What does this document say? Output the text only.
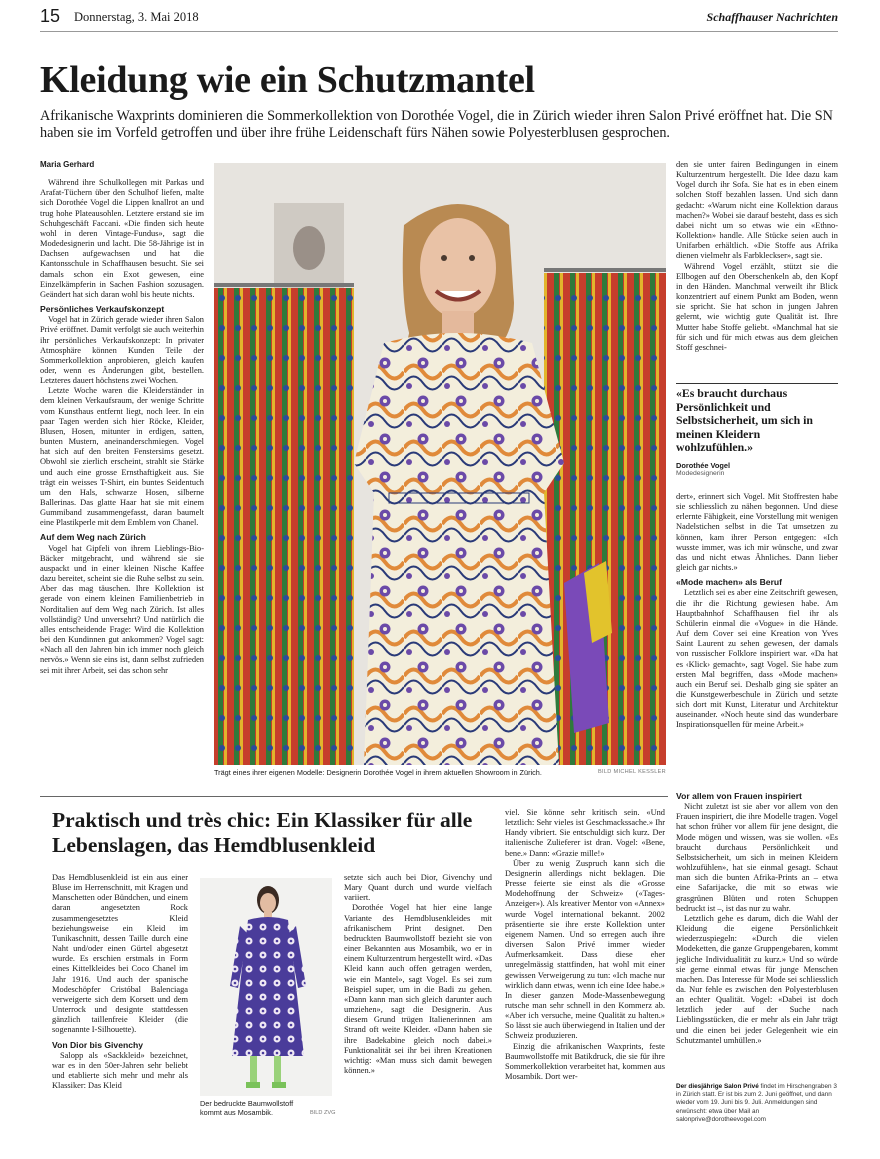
15 Donnerstag, 3. Mai 2018	Schaffhauser Nachrichten
Kleidung wie ein Schutzmantel
Afrikanische Waxprints dominieren die Sommerkollektion von Dorothée Vogel, die in Zürich wieder ihren Salon Privé eröffnet hat. Die SN haben sie im Vorfeld getroffen und über ihre frühe Leidenschaft fürs Nähen sowie Polyesterblusen gesprochen.
Maria Gerhard

Während ihre Schulkollegen mit Parkas und Arafat-Tüchern über den Schulhof liefen, malte sich Dorothée Vogel die Lippen knallrot an und trug hohe Plateausohlen. Letztere erstand sie im Schuhgeschäft Faccani. «Die finden sich heute wohl in deren Vintage-Fundus», sagt die Modedesignerin und lacht. Die 58-Jährige ist in Dachsen aufgewachsen und hat die Kantonsschule in Schaffhausen besucht. Sie sei damals schon ein Exot gewesen, eine Einzelkämpferin in Sachen Fashion sozusagen. Geändert hat sich daran wohl bis heute nichts.

Persönliches Verkaufskonzept

Vogel hat in Zürich gerade wieder ihren Salon Privé eröffnet. Damit verfolgt sie auch weiterhin ihr persönliches Verkaufskonzept: In privater Atmosphäre können Kunden Teile der Sommerkollektion anprobieren, gleich kaufen oder, wenn es Änderungen gibt, bestellen. Letzteres dauert höchstens zwei Wochen.

Letzte Woche waren die Kleiderständer in dem kleinen Verkaufsraum, der wenige Schritte vom Kunsthaus entfernt liegt, noch leer. In ein paar Tagen werden sich hier Röcke, Kleider, Blusen, Hosen, mitunter in erdigen, satten, bunten Mustern, aneinanderschmiegen. Vogel hat sich auf den breiten Fenstersims gesetzt. Obwohl sie zierlich erscheint, strahlt sie Stärke und auch eine grosse Ernsthaftigkeit aus. Sie trägt ein weisses T-Shirt, ein buntes Seidentuch um den Hals, schwarze Hosen, silberne Ballerinas. Das glatte Haar hat sie mit einem Gummiband zusammengefasst, daran baumelt eine Plastikperle mit dem Emblem von Chanel.

Auf dem Weg nach Zürich

Vogel hat Gipfeli von ihrem Lieblings-Bio-Bäcker mitgebracht, und während sie sie auspackt und in einer kleinen Nische Kaffee dazu bereitet, scheint sie die Ruhe selbst zu sein. Aber das mag täuschen. Ihre Kollektion ist gerade von einem kleinen Familienbetrieb in Norditalien auf dem Weg nach Zürich. Ist alles vollständig? Und unversehrt? Und natürlich die alles entscheidende Frage: Wird die Kollektion bei den Kundinnen gut ankommen? Vogel sagt: «Nach all den Jahren bin ich immer noch gleich nervös.» Wenn sie eins ist, dann selbst zufrieden sei mit ihrer Arbeit, sei das schon sehr

Trägt eines ihrer eigenen Modelle: Designerin Dorothée Vogel in ihrem aktuellen Showroom in Zürich.	BILD MICHEL KESSLER

den sie unter fairen Bedingungen in einem Kulturzentrum hergestellt. Die Idee dazu kam Vogel durch ihr Sofa. Sie hat es in eben einem solchen Stoff bezahlen lassen. Und sich dann gedacht: «Warum nicht eine Kollektion daraus machen?» Wobei sie darauf besteht, dass es sich dabei nicht um so etwas wie ein «Ethno-Kollektion» handle. Alle Stücke seien auch in Unifarben erhältlich. «Die Stoffe aus Afrika dienen vielmehr als Farbkleckser», sagt sie.

Während Vogel erzählt, stützt sie die Ellbogen auf den Oberschenkeln ab, den Kopf in den Händen. Manchmal verweilt ihr Blick konzentriert auf einem Punkt am Boden, wenn sie spricht. Sie hat schon in jungen Jahren gelernt, wie wichtig gute Qualität ist. Ihre Mutter habe Stoffe geliebt. «Manchmal hat sie für sich und für mich etwas aus dem gleichen Stoff geschnei-

«Es braucht durchaus Persönlichkeit und Selbstsicherheit, um sich in meinen Kleidern wohlzufühlen.»
Dorothée Vogel
Modedesignerin

dert», erinnert sich Vogel. Mit Stoffresten habe sie schliesslich zu nähen begonnen. Und diese erlernte Fähigkeit, eine Vorstellung mit wenigen Nadelstichen selbst in die Tat umsetzen zu können, kam ihrer Person entgegen: «Ich wusste immer, was ich mir wünsche, und zwar das und nicht etwas Ähnliches. Dann lieber gleich gar nichts.»

«Mode machen» als Beruf

Letztlich sei es aber eine Zeitschrift gewesen, die ihr die Richtung gewiesen habe. Am Hauptbahnhof Schaffhausen fiel ihr als Schülerin einmal die «Vogue» in die Hände. Auf dem Cover sei eine Kreation von Yves Saint Laurent zu sehen gewesen, der damals von russischer Folklore inspiriert war. «Da hat es ‹Klick› gemacht», sagt Vogel. Sie habe zum ersten Mal begriffen, dass «Mode machen» auch ein Beruf sei. Deshalb ging sie später an die Kunstgewerbeschule in Zürich und setzte sich dort mit Kunst, Literatur und Architektur auseinander. «Noch heute sind das wunderbare Inspirationsquellen für meine Arbeit.»

Vor allem von Frauen inspiriert

Nicht zuletzt ist sie aber vor allem von den Frauen inspiriert, die ihre Modelle tragen. Vogel hat schon früher vor allem für jene designt, die Mode mögen und wissen, was sie wollen. «Es braucht durchaus Persönlichkeit und Selbstsicherheit, um sich in meinen Kleidern wohlzufühlen», hat sie einmal gesagt. Schaut man sich die bunten Afrika-Prints an – etwa eine Safarijacke, die mit so etwas wie grasgrünen Blüten und roten Schuppen bedruckt ist –, ist das nur zu wahr.

Letztlich gehe es darum, dich die Wahl der Kleidung die eigene Persönlichkeit wiederzuspiegeln: «Durch die vielen Modeketten, die ganze Gruppengebaren, kommt jegliche Individualität zu kurz.» Und so würde sie gerne einmal etwas für junge Menschen machen. Das Interesse für Mode sei schliesslich da. Nur fehle es zwischen den Polyesterblusen an echter Qualität. Vogel: «Dabei ist doch letztlich jeder auf der Suche nach Lieblingsstücken, die er mehr als ein Jahr trägt und die einen bei jeder Gelegenheit wie ein Schutzmantel umhüllen.»

Der diesjährige Salon Privé findet im Hirschengraben 3 in Zürich statt. Er ist bis zum 2. Juni geöffnet, und dann wieder vom 19. Juni bis 9. Juli. Anmeldungen sind erwünscht: etwa über Mail an salonprive@dorotheevogel.com
Praktisch und très chic: Ein Klassiker für alle Lebenslagen, das Hemdblusenkleid

Das Hemdblusenkleid ist ein aus einer Bluse im Herrenschnitt, mit Kragen und Manschetten oder Bündchen, und einem daran angesetzten Rock zusammengesetztes Kleid beziehungsweise ein Kleid im Tunikaschnitt, dessen Taille durch eine Naht und/oder einen Gürtel abgesetzt wurde. Es erschien erstmals in Form eines Kittelkleides bei Coco Chanel im Jahr 1916. Und auch der spanische Modeschöpfer Cristóbal Balenciaga verweigerte sich dem Korsett und dem Unterrock und designte stattdessen gänzlich taillenfreie Kleider (die sogenannte I-Silhouette).

Von Dior bis Givenchy

Salopp als «Sackkleid» bezeichnet, war es in den 50er-Jahren sehr beliebt und etablierte sich mehr und mehr als Klassiker: Das Kleid

Der bedruckte Baumwollstoff kommt aus Mosambik.	BILD ZVG

setzte sich auch bei Dior, Givenchy und Mary Quant durch und wurde vielfach variiert.

Dorothée Vogel hat hier eine lange Variante des Hemdblusenkleides mit afrikanischem Print designet. Den bedruckten Baumwollstoff bezieht sie von einer Bekannten aus Mosambik, wo er in einem Kulturzentrum hergestellt wird. «Das Kleid kann auch offen getragen werden, wie ein Mantel», sagt Vogel. Es sei zum Beispiel super, um in die Badi zu gehen. «Dann kann man sich gleich darunter auch umziehen», sagt die Designerin. Aus diesem Grund trügen Italienerinnen am Strand oft weite Kleider. «Dann haben sie ihre Badekabine gleich noch dabei.» Funktionalität sei ihr bei ihren Kreationen wichtig: «Man muss sich damit bewegen können.»

viel. Sie könne sehr kritisch sein. «Und letztlich: Sehr vieles ist Geschmackssache.» Ihr Handy vibriert. Sie entschuldigt sich kurz. Der italienische Zulieferer ist dran. Vogel: «Bene, bene.» Dann: «Grazie mille!»

Über zu wenig Zuspruch kann sich die Designerin allerdings nicht beklagen. Die Presse feierte sie einst als die «Grosse Modehoffnung der Schweiz» («Tages-Anzeiger»). Als kreativer Mentor von «Annex» wurde Vogel international bekannt. 2002 präsentierte sie ihre erste Kollektion unter eigenem Namen. Und so erregen auch ihre diversen Salon Privé immer wieder Aufmerksamkeit. Dass diese eher unregelmässig stattfinden, hat wohl mit einer gewissen Verweigerung zu tun: «Ich mache nur wirklich dann etwas, wenn ich eine Idee habe.» In dieser ganzen Mode-Massenbewegung rutsche man sehr schnell in den Kommerz ab. «Aber ich versuche, meine Qualität zu halten.» So lässt sie auch überwiegend in Italien und der Schweiz produzieren.

Einzig die afrikanischen Waxprints, feste Baumwollstoffe mit Batikdruck, die sie für ihre Sommerkollektion verarbeitet hat, kommen aus Mosambik. Dort wer-
